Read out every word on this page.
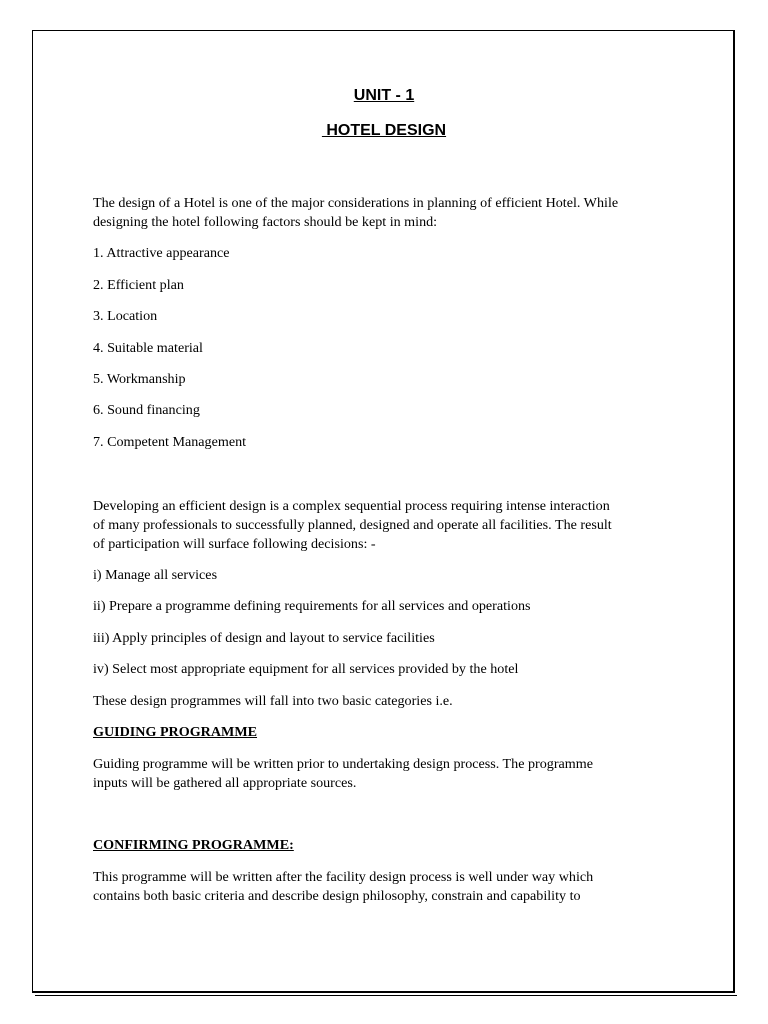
UNIT - 1
HOTEL DESIGN
The design of a Hotel is one of the major considerations in planning of efficient Hotel. While
designing the hotel following factors should be kept in mind:
1. Attractive appearance
2. Efficient plan
3. Location
4. Suitable material
5. Workmanship
6. Sound financing
7. Competent Management
Developing an efficient design is a complex sequential process requiring intense interaction
of many professionals to successfully planned, designed and operate all facilities. The result
of participation will surface following decisions: -
i) Manage all services
ii) Prepare a programme defining requirements for all services and operations
iii) Apply principles of design and layout to service facilities
iv) Select most appropriate equipment for all services provided by the hotel
These design programmes will fall into two basic categories i.e.
GUIDING PROGRAMME
Guiding programme will be written prior to undertaking design process. The programme
inputs will be gathered all appropriate sources.
CONFIRMING PROGRAMME:
This programme will be written after the facility design process is well under way which
contains both basic criteria and describe design philosophy, constrain and capability to
